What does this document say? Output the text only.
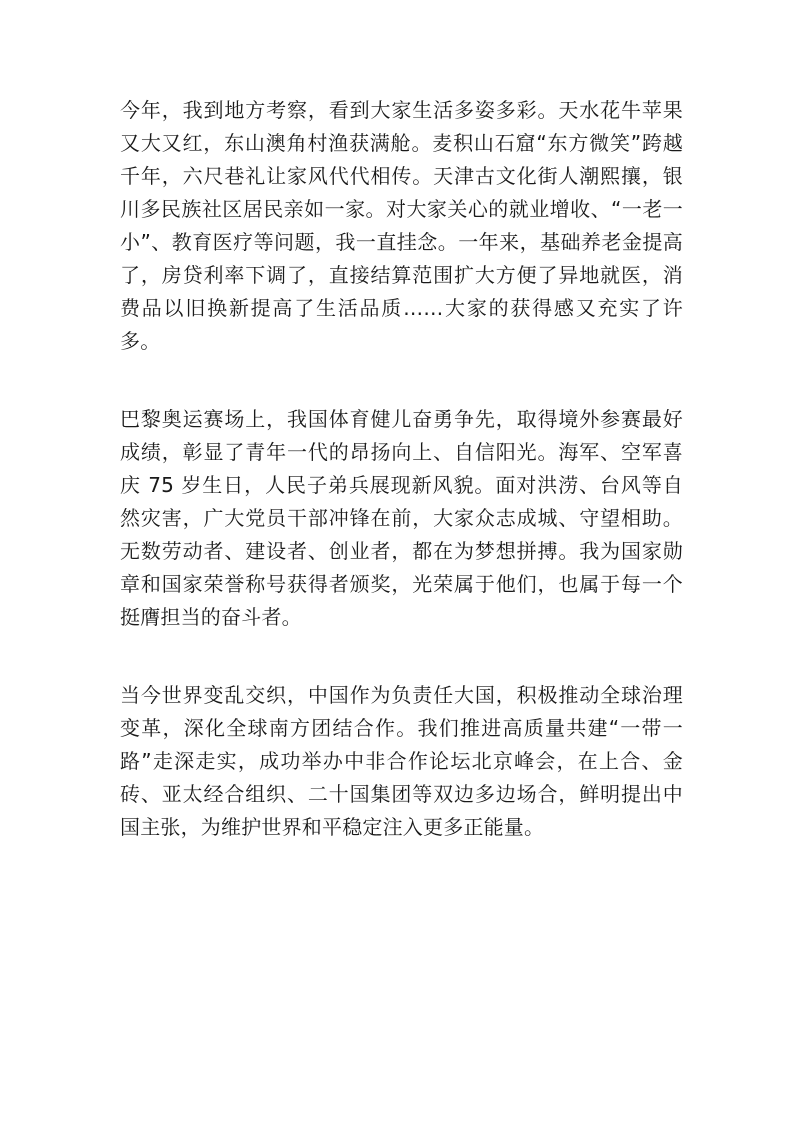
今年，我到地方考察，看到大家生活多姿多彩。天水花牛苹果又大又红，东山澳角村渔获满舱。麦积山石窟“东方微笑”跨越千年，六尺巷礼让家风代代相传。天津古文化街人潮熙攘，银川多民族社区居民亲如一家。对大家关心的就业增收、“一老一小”、教育医疗等问题，我一直挂念。一年来，基础养老金提高了，房贷利率下调了，直接结算范围扩大方便了异地就医，消费品以旧换新提高了生活品质……大家的获得感又充实了许多。

巴黎奥运赛场上，我国体育健儿奋勇争先，取得境外参赛最好成绩，彰显了青年一代的昂扬向上、自信阳光。海军、空军喜庆 75 岁生日，人民子弟兵展现新风貌。面对洪涝、台风等自然灾害，广大党员干部冲锋在前，大家众志成城、守望相助。无数劳动者、建设者、创业者，都在为梦想拼搏。我为国家勋章和国家荣誉称号获得者颁奖，光荣属于他们，也属于每一个挺膺担当的奋斗者。

当今世界变乱交织，中国作为负责任大国，积极推动全球治理变革，深化全球南方团结合作。我们推进高质量共建“一带一路”走深走实，成功举办中非合作论坛北京峰会，在上合、金砖、亚太经合组织、二十国集团等双边多边场合，鲜明提出中国主张，为维护世界和平稳定注入更多正能量。
